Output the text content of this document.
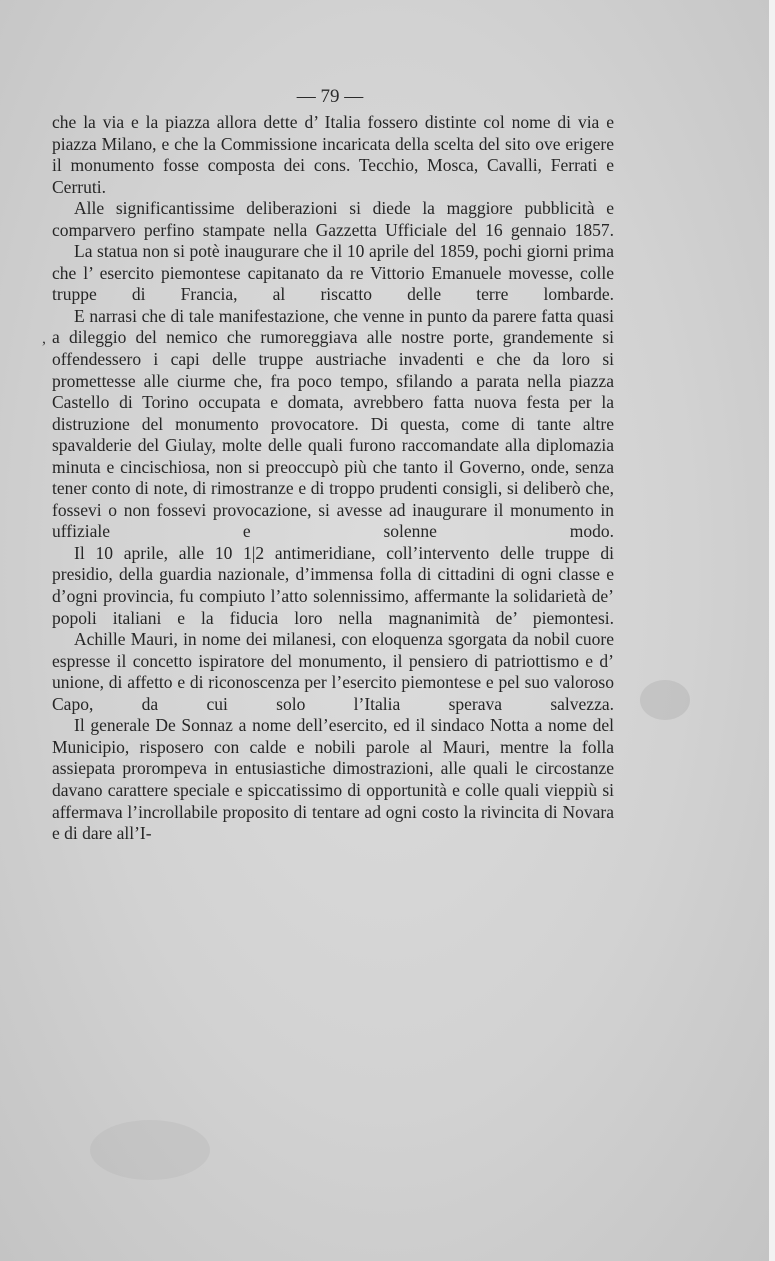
— 79 —
,

che la via e la piazza allora dette d’ Italia fossero distinte col nome di via e piazza Milano, e che la Commissione incaricata della scelta del sito ove erigere il monumento fosse composta dei cons. Tecchio, Mosca, Cavalli, Ferrati e Cerruti.

Alle significantissime deliberazioni si diede la maggiore pubblicità e comparvero perfino stampate nella Gazzetta Ufficiale del 16 gennaio 1857.

La statua non si potè inaugurare che il 10 aprile del 1859, pochi giorni prima che l’ esercito piemontese capitanato da re Vittorio Emanuele movesse, colle truppe di Francia, al riscatto delle terre lombarde.

E narrasi che di tale manifestazione, che venne in punto da parere fatta quasi a dileggio del nemico che rumoreggiava alle nostre porte, grandemente si offendessero i capi delle truppe austriache invadenti e che da loro si promettesse alle ciurme che, fra poco tempo, sfilando a parata nella piazza Castello di Torino occupata e domata, avrebbero fatta nuova festa per la distruzione del monumento provocatore. Di questa, come di tante altre spavalderie del Giulay, molte delle quali furono raccomandate alla diplomazia minuta e cincischiosa, non si preoccupò più che tanto il Governo, onde, senza tener conto di note, di rimostranze e di troppo prudenti consigli, si deliberò che, fossevi o non fossevi provocazione, si avesse ad inaugurare il monumento in uffiziale e solenne modo.

Il 10 aprile, alle 10 1|2 antimeridiane, coll’intervento delle truppe di presidio, della guardia nazionale, d’immensa folla di cittadini di ogni classe e d’ogni provincia, fu compiuto l’atto solennissimo, affermante la solidarietà de’ popoli italiani e la fiducia loro nella magnanimità de’ piemontesi.

Achille Mauri, in nome dei milanesi, con eloquenza sgorgata da nobil cuore espresse il concetto ispiratore del monumento, il pensiero di patriottismo e d’ unione, di affetto e di riconoscenza per l’esercito piemontese e pel suo valoroso Capo, da cui solo l’Italia sperava salvezza.

Il generale De Sonnaz a nome dell’esercito, ed il sindaco Notta a nome del Municipio, risposero con calde e nobili parole al Mauri, mentre la folla assiepata prorompeva in entusiastiche dimostrazioni, alle quali le circostanze davano carattere speciale e spiccatissimo di opportunità e colle quali vieppiù si affermava l’incrollabile proposito di tentare ad ogni costo la rivincita di Novara e di dare all’I-
